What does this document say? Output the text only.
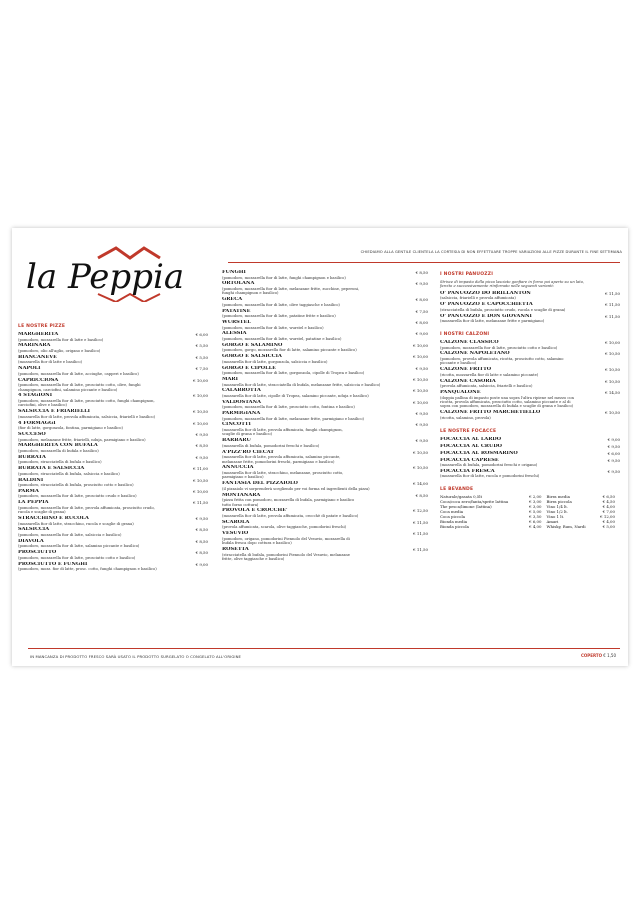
la Peppia
CHIEDIAMO ALLA GENTILE CLIENTELA LA CORTESIA DI NON EFFETTUARE TROPPE VARIAZIONI ALLE PIZZE DURANTE IL FINE SETTIMANA
LE NOSTRE PIZZE
MARGHERITA	€ 6,00
(pomodoro, mozzarella fior di latte e basilico)
MARINARA	€ 5,50
(pomodoro, olio all'aglio, origano e basilico)
BIANCANEVE	€ 5,50
(mozzarella fior di latte e basilico)
NAPOLI	€ 7,50
(pomodoro, mozzarella fior di latte, acciughe, capperi e basilico)
CAPRICCIOSA	€ 10,00
(pomodoro, mozzarella fior di latte, prosciutto cotto, olive, funghi
champignon, carciofini, salamino piccante e basilico)
4 STAGIONI	€ 10,00
(pomodoro, mozzarella fior di latte, prosciutto cotto, funghi champignon,
carciofini, olive e basilico)
SALSICCIA E FRIARIELLI	€ 10,50
(mozzarella fior di latte, provola affumicata, salsiccia, friarielli e basilico)
4 FORMAGGI	€ 10,00
(fior di latte, gorgonzola, fontina, parmigiano e basilico)
SUCCESO	€ 9,50
(pomodoro, melanzane fritte, friarielli, nduja, parmigiano e basilico)
MARGHERITA CON BUFALA	€ 8,50
(pomodoro, mozzarella di bufala e basilico)
BURRATA	€ 9,50
(pomodoro, stracciatella di bufala e basilico)
BURRATA E SALSICCIA	€ 11,00
(pomodoro, stracciatella di bufala, salsiccia e basilico)
BALDINI	€ 10,50
(pomodoro, stracciatella di bufala, prosciutto cotto e basilico)
PARMA	€ 10,00
(pomodoro, mozzarella fior di latte, prosciutto crudo e basilico)
LA PEPPIA	€ 11,50
(pomodoro, mozzarella fior di latte, provola affumicata, prosciutto crudo,
rucola e scaglie di grana)
STRACCHINO E RUCOLA	€ 9,50
(mozzarella fior di latte, stracchino, rucola e scaglie di grana)
SALSICCIA	€ 8,50
(pomodoro, mozzarella fior di latte, salsiccia e basilico)
DIAVOLA	€ 8,50
(pomodoro, mozzarella fior di latte, salamino piccante e basilico)
PROSCIUTTO	€ 8,50
(pomodoro, mozzarella fior di latte, prosciutto cotto e basilico)
PROSCIUTTO E FUNGHI	€ 9,00
(pomodoro, mozz. fior di latte, prosc. cotto, funghi champignon e basilico)
FUNGHI	€ 8,50
(pomodoro, mozzarella fior di latte, funghi champignon e basilico)
ORTOLANA	€ 9,50
(pomodoro, mozzarella fior di latte, melanzane fritte, zucchine, peperoni,
funghi champignon e basilico)
GRECA	€ 8,00
(pomodoro, mozzarella fior di latte, olive taggiasche e basilico)
PATATINE	€ 7,50
(pomodoro, mozzarella fior di latte, patatine fritte e basilico)
WURSTEL	€ 8,00
(pomodoro, mozzarella fior di latte, wurstel e basilico)
ALESSIA	€ 9,00
(pomodoro, mozzarella fior di latte, wurstel, patatine e basilico)
GORGO E SALAMINO	€ 10,00
(pomodoro, gorgo, mozzarella fior di latte, salamino piccante e basilico)
GORGO E SALSICCIA	€ 10,00
(mozzarella fior di latte, gorgonzola, salsiccia e basilico)
GORGO E CIPOLLE	€ 9,50
(pomodoro, mozzarella fior di latte, gorgonzola, cipolle di Tropea e basilico)
MARI	€ 10,50
(mozzarella fior di latte, stracciatella di bufala, melanzane fritte, salsiccia e basilico)
CALABROTTA	€ 10,50
(mozzarella fior di latte, cipolle di Tropea, salamino piccante, nduja e basilico)
VALDOSTANA	€ 10,00
(pomodoro, mozzarella fior di latte, prosciutto cotto, fontina e basilico)
PARMIGIANA	€ 9,50
(pomodoro, mozzarella fior di latte, melanzane fritte, parmigiano e basilico)
CINCOTTI	€ 9,50
(mozzarella fior di latte, provola affumicata, funghi champignon,
scaglie di grana e basilico)
BARBARU	€ 9,50
(mozzarella di bufala, pomodorini freschi e basilico)
A'PIZZ'RO CIECAT	€ 10,50
(mozzarella fior di latte, provola affumicata, salamino piccante,
melanzane fritte, pomodorini freschi, parmigiano e basilico)
ANNUCCIA	€ 10,50
(mozzarella fior di latte, stracchino, melanzane, prosciutto cotto,
parmigiano e basilico)
FANTASIA DEL PIZZAIOLO	€ 14,00
(il pizzaiolo vi sorprenderà scegliendo per voi forma ed ingredienti della pizza)
MONTANARA	€ 8,50
(pizza fritta con pomodoro, mozzarella di bufala, parmigiano e basilico
tutto forno cottura)
PROVOLA E CROCCHE'	€ 12,50
(mozzarella fior di latte, provola affumicata, crocchè di patate e basilico)
SCAROLA	€ 11,50
(provola affumicata, scarola, olive taggiasche, pomodorini freschi)
VESUVIO	€ 11,50
(pomodoro, origano, pomodorini Piennolo del Vesuvio, mozzarella di
bufala fresca dopo cottura e basilico)
ROSETTA	€ 11,50
(stracciatella di bufala, pomodorini Piennolo del Vesuvio, melanzane
fritte, olive taggiasche e basilico)
I NOSTRI PANUOZZI
Strisce di impasto della pizza lasciato gonfiare in forno poi aperto su un lato,
farcito e successivamente riinfornato nelle seguenti varianti:
O' PANUOZZO DO BRILLANTON	€ 11,50
(salsiccia, friarielli e provola affumicata)
O' PANUOZZO E CAPOCCHIETTA	€ 11,50
(stracciatella di bufala, prosciutto crudo, rucola e scaglie di grana)
O' PANUOZZO E DON GIOVANNI	€ 11,50
(mozzarella fior di latte, melanzane fritte e parmigiano)
I NOSTRI CALZONI
CALZONE CLASSICO	€ 10,00
(pomodoro, mozzarella fior di latte, prosciutto cotto e basilico)
CALZONE NAPOLETANO	€ 10,50
(pomodoro, provola affumicata, ricotta, prosciutto cotto, salamino
piccante e basilico)
CALZONE FRITTO	€ 10,50
(ricotta, mozzarella fior di latte e salamino piccante)
CALZONE CASORIA	€ 10,50
(provola affumicata, salsiccia, friarielli e basilico)
PANQUALONE	€ 14,50
(doppia pallina di impasto poste una sopra l'altra ripiene nel mezzo con
ricotta, provola affumicata, prosciutto cotto, salamino piccante e al di
sopra con pomodoro, mozzarella di bufala e scaglie di grana e basilico)
CALZONE FRITTO MARCHETIELLO	€ 10,50
(ricotta, salamino, provola)
LE NOSTRE FOCACCE
FOCACCIA AL LARDO	€ 9,00
FOCACCIA AL CRUDO	€ 9,50
FOCACCIA AL ROSMARINO	€ 6,00
FOCACCIA CAPRESE	€ 9,50
(mozzarella di bufala, pomodorini freschi e origano)
FOCACCIA FRESCA	€ 9,50
(mozzarella fior di latte, rucola e pomodorini freschi)
LE BEVANDE
Naturale/gasata 0,5lt	€ 2,00	Birra media	€ 6,50
Coca/coca zero/fanta/sprite lattina	€ 3,00	Birra piccola	€ 4,50
The pesca/limone (lattina)	€ 3,00	Vino 1/4 lt.	€ 4,00
Coca media	€ 5,00	Vino 1/2 lt.	€ 7,00
Coca piccola	€ 3,50	Vino 1 lt.	€ 12,00
Bionda media	€ 6,00	Amari	€ 4,00
Bionda piccola	€ 4,00	Whisky, Rum, Nardi	€ 5,00
IN MANCANZA DI PRODOTTO FRESCO SARÀ USATO IL PRODOTTO SURGELATO O CONGELATO ALL'ORIGINE	COPERTO € 1,50
